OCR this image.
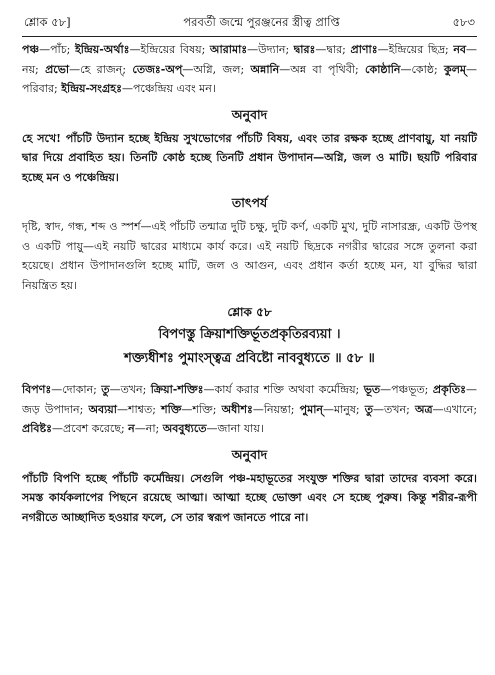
শ্লোক ৫৮]	পরবর্তী জন্মে পুরঞ্জনের স্ত্রীত্ব প্রাপ্তি	৫৮৩

পঞ্চ—পাঁচ; ইন্দ্রিয়-অর্থাঃ—ইন্দ্রিয়ের বিষয়; আরামাঃ—উদ্যান; দ্বারঃ—দ্বার; প্রাণাঃ—ইন্দ্রিয়ের ছিদ্র; নব—নয়; প্রভো—হে রাজন্; তেজঃ-অপ্—অগ্নি, জল; অন্নানি—অন্ন বা পৃথিবী; কোষ্ঠানি—কোষ্ঠ; কুলম্—পরিবার; ইন্দ্রিয়-সংগ্রহঃ—পঞ্চেন্দ্রিয় এবং মন।

অনুবাদ

হে সখে! পাঁচটি উদ্যান হচ্ছে ইন্দ্রিয় সুখভোগের পাঁচটি বিষয়, এবং তার রক্ষক হচ্ছে প্রাণবায়ু, যা নয়টি দ্বার দিয়ে প্রবাহিত হয়। তিনটি কোষ্ঠ হচ্ছে তিনটি প্রধান উপাদান—অগ্নি, জল ও মাটি। ছয়টি পরিবার হচ্ছে মন ও পঞ্চেন্দ্রিয়।

তাৎপর্য

দৃষ্টি, স্বাদ, গন্ধ, শব্দ ও স্পর্শ—এই পাঁচটি তন্মাত্র দুটি চক্ষু, দুটি কর্ণ, একটি মুখ, দুটি নাসারন্ধ্র, একটি উপস্থ ও একটি পায়ু—এই নয়টি দ্বারের মাধ্যমে কার্য করে। এই নয়টি ছিদ্রকে নগরীর দ্বারের সঙ্গে তুলনা করা হয়েছে। প্রধান উপাদানগুলি হচ্ছে মাটি, জল ও আগুন, এবং প্রধান কর্তা হচ্ছে মন, যা বুদ্ধির দ্বারা নিয়ন্ত্রিত হয়।

শ্লোক ৫৮
বিপণস্তু ক্রিয়াশক্তির্ভূতপ্রকৃতিরব্যয়া ।
শক্ত্যধীশঃ পুমাংস্ত্বত্র প্রবিষ্টো নাববুধ্যতে ॥ ৫৮ ॥

বিপণঃ—দোকান; তু—তখন; ক্রিয়া-শক্তিঃ—কার্য করার শক্তি অথবা কর্মেন্দ্রিয়; ভূত—পঞ্চভূত; প্রকৃতিঃ—জড় উপাদান; অব্যয়া—শাশ্বত; শক্তি—শক্তি; অধীশঃ—নিয়ন্তা; পুমান্—মানুষ; তু—তখন; অত্র—এখানে; প্রবিষ্টঃ—প্রবেশ করেছে; ন—না; অববুধ্যতে—জানা যায়।

অনুবাদ

পাঁচটি বিপণি হচ্ছে পাঁচটি কর্মেন্দ্রিয়। সেগুলি পঞ্চ-মহাভূতের সংযুক্ত শক্তির দ্বারা তাদের ব্যবসা করে। সমস্ত কার্যকলাপের পিছনে রয়েছে আত্মা। আত্মা হচ্ছে ভোক্তা এবং সে হচ্ছে পুরুষ। কিন্তু শরীর-রূপী নগরীতে আচ্ছাদিত হওয়ার ফলে, সে তার স্বরূপ জানতে পারে না।
